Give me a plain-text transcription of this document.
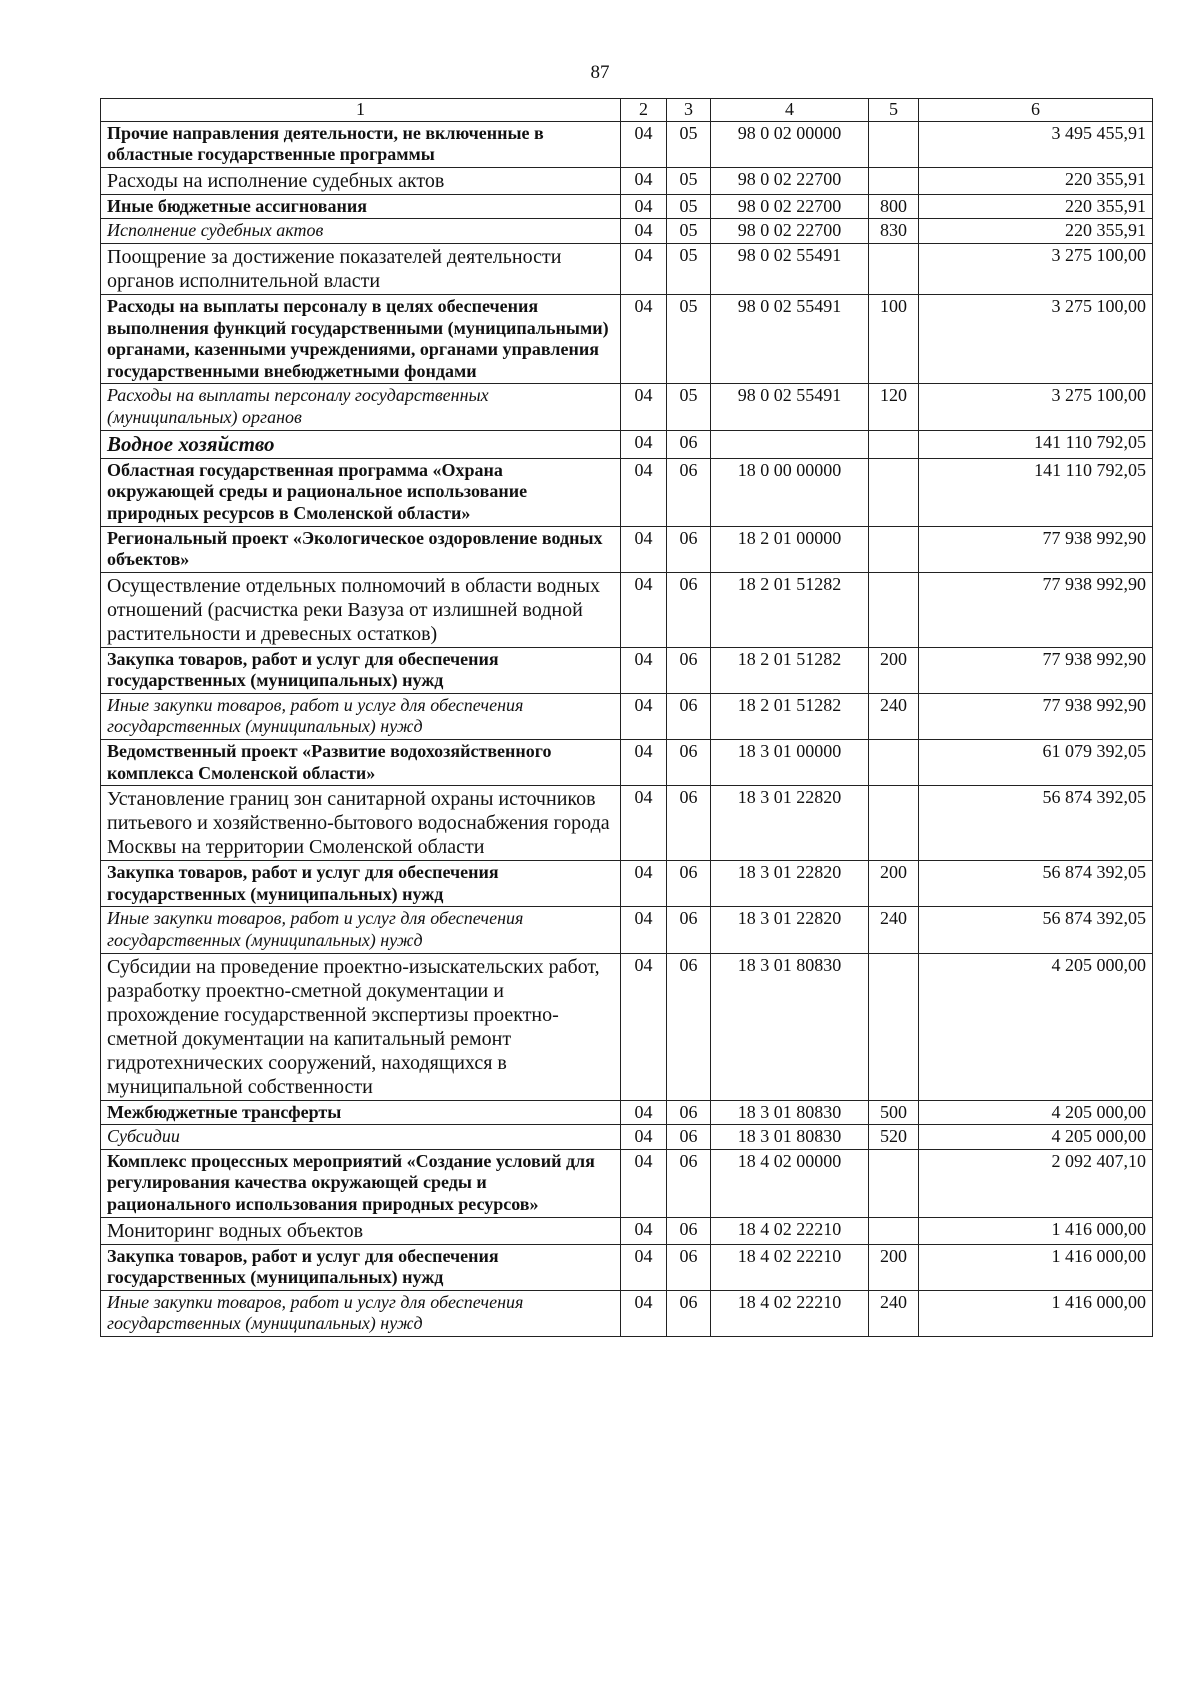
87
1	2	3	4	5	6
Прочие направления деятельности, не включенные в областные государственные программы	04	05	98 0 02 00000		3 495 455,91
Расходы на исполнение судебных актов	04	05	98 0 02 22700		220 355,91
Иные бюджетные ассигнования	04	05	98 0 02 22700	800	220 355,91
Исполнение судебных актов	04	05	98 0 02 22700	830	220 355,91
Поощрение за достижение показателей деятельности органов исполнительной власти	04	05	98 0 02 55491		3 275 100,00
Расходы на выплаты персоналу в целях обеспечения выполнения функций государственными (муниципальными) органами, казенными учреждениями, органами управления государственными внебюджетными фондами	04	05	98 0 02 55491	100	3 275 100,00
Расходы на выплаты персоналу государственных (муниципальных) органов	04	05	98 0 02 55491	120	3 275 100,00
Водное хозяйство	04	06			141 110 792,05
Областная государственная программа «Охрана окружающей среды и рациональное использование природных ресурсов в Смоленской области»	04	06	18 0 00 00000		141 110 792,05
Региональный проект «Экологическое оздоровление водных объектов»	04	06	18 2 01 00000		77 938 992,90
Осуществление отдельных полномочий в области водных отношений (расчистка реки Вазуза от излишней водной растительности и древесных остатков)	04	06	18 2 01 51282		77 938 992,90
Закупка товаров, работ и услуг для обеспечения государственных (муниципальных) нужд	04	06	18 2 01 51282	200	77 938 992,90
Иные закупки товаров, работ и услуг для обеспечения государственных (муниципальных) нужд	04	06	18 2 01 51282	240	77 938 992,90
Ведомственный проект «Развитие водохозяйственного комплекса Смоленской области»	04	06	18 3 01 00000		61 079 392,05
Установление границ зон санитарной охраны источников питьевого и хозяйственно-бытового водоснабжения города Москвы на территории Смоленской области	04	06	18 3 01 22820		56 874 392,05
Закупка товаров, работ и услуг для обеспечения государственных (муниципальных) нужд	04	06	18 3 01 22820	200	56 874 392,05
Иные закупки товаров, работ и услуг для обеспечения государственных (муниципальных) нужд	04	06	18 3 01 22820	240	56 874 392,05
Субсидии на проведение проектно-изыскательских работ, разработку проектно-сметной документации и прохождение государственной экспертизы проектно-сметной документации на капитальный ремонт гидротехнических сооружений, находящихся в муниципальной собственности	04	06	18 3 01 80830		4 205 000,00
Межбюджетные трансферты	04	06	18 3 01 80830	500	4 205 000,00
Субсидии	04	06	18 3 01 80830	520	4 205 000,00
Комплекс процессных мероприятий «Создание условий для регулирования качества окружающей среды и рационального использования природных ресурсов»	04	06	18 4 02 00000		2 092 407,10
Мониторинг водных объектов	04	06	18 4 02 22210		1 416 000,00
Закупка товаров, работ и услуг для обеспечения государственных (муниципальных) нужд	04	06	18 4 02 22210	200	1 416 000,00
Иные закупки товаров, работ и услуг для обеспечения государственных (муниципальных) нужд	04	06	18 4 02 22210	240	1 416 000,00
